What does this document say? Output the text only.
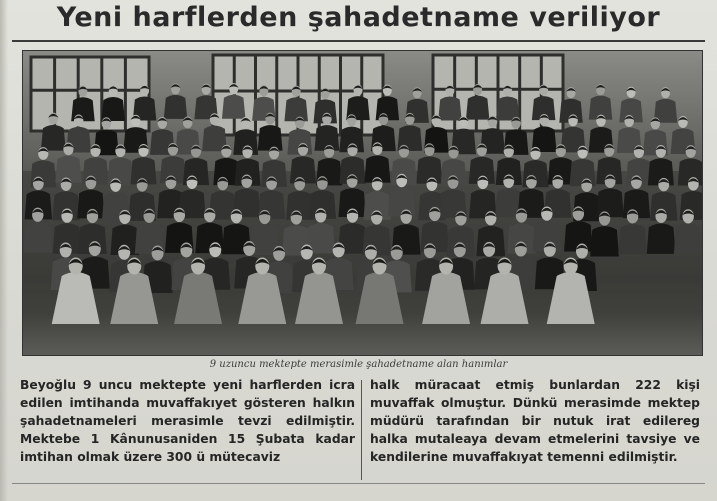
Yeni harflerden şahadetname veriliyor
9 uzuncu mektepte merasimle şahadetname alan hanımlar
Beyoğlu 9 uncu mektepte yeni harflerden icra edilen imtihanda muvaffakıyet gösteren halkın şahadetnameleri merasimle tevzi edilmiştir. Mektebe 1 Kânunusaniden 15 Şubata kadar imtihan olmak üzere 300 ü mütecaviz
halk müracaat etmiş bunlardan 222 kişi muvaffak olmuştur. Dünkü merasimde mektep müdürü tarafından bir nutuk irat edilereg halka mutaleaya devam etmelerini tavsiye ve kendilerine muvaffakıyat temenni edilmiştir.
